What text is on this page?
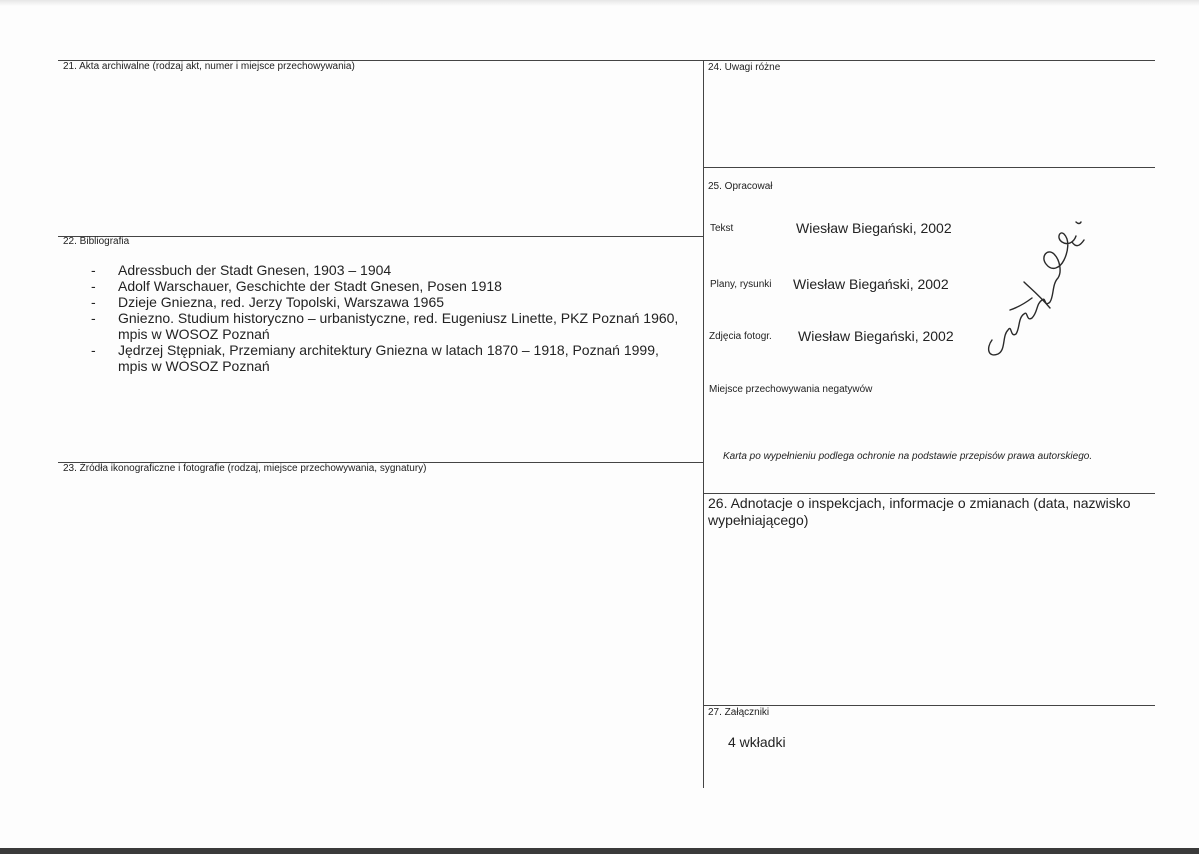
21. Akta archiwalne (rodzaj akt, numer i miejsce przechowywania)
22. Bibliografia
- Adressbuch der Stadt Gnesen, 1903 – 1904
- Adolf Warschauer, Geschichte der Stadt Gnesen, Posen 1918
- Dzieje Gniezna, red. Jerzy Topolski, Warszawa 1965
- Gniezno. Studium historyczno – urbanistyczne, red. Eugeniusz Linette, PKZ Poznań 1960, mpis w WOSOZ Poznań
- Jędrzej Stępniak, Przemiany architektury Gniezna w latach 1870 – 1918, Poznań 1999, mpis w WOSOZ Poznań
23. Źródła ikonograficzne i fotografie (rodzaj, miejsce przechowywania, sygnatury)
24. Uwagi różne
25. Opracował
Tekst	Wiesław Biegański, 2002
Plany, rysunki Wiesław Biegański, 2002
Zdjęcia fotogr. Wiesław Biegański, 2002
Miejsce przechowywania negatywów
Karta po wypełnieniu podlega ochronie na podstawie przepisów prawa autorskiego.
26. Adnotacje o inspekcjach, informacje o zmianach (data, nazwisko wypełniającego)
27. Załączniki
4 wkładki
